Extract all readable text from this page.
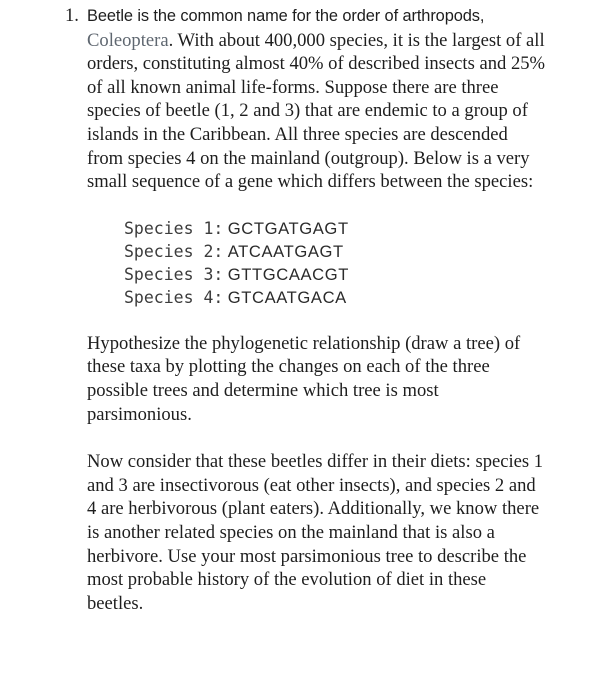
1. Beetle is the common name for the order of arthropods, Coleoptera. With about 400,000 species, it is the largest of all orders, constituting almost 40% of described insects and 25% of all known animal life-forms. Suppose there are three species of beetle (1, 2 and 3) that are endemic to a group of islands in the Caribbean. All three species are descended from species 4 on the mainland (outgroup). Below is a very small sequence of a gene which differs between the species:
Species 1: GCTGATGAGT
Species 2: ATCAATGAGT
Species 3: GTTGCAACGT
Species 4: GTCAATGACA
Hypothesize the phylogenetic relationship (draw a tree) of these taxa by plotting the changes on each of the three possible trees and determine which tree is most parsimonious.
Now consider that these beetles differ in their diets: species 1 and 3 are insectivorous (eat other insects), and species 2 and 4 are herbivorous (plant eaters). Additionally, we know there is another related species on the mainland that is also a herbivore. Use your most parsimonious tree to describe the most probable history of the evolution of diet in these beetles.
